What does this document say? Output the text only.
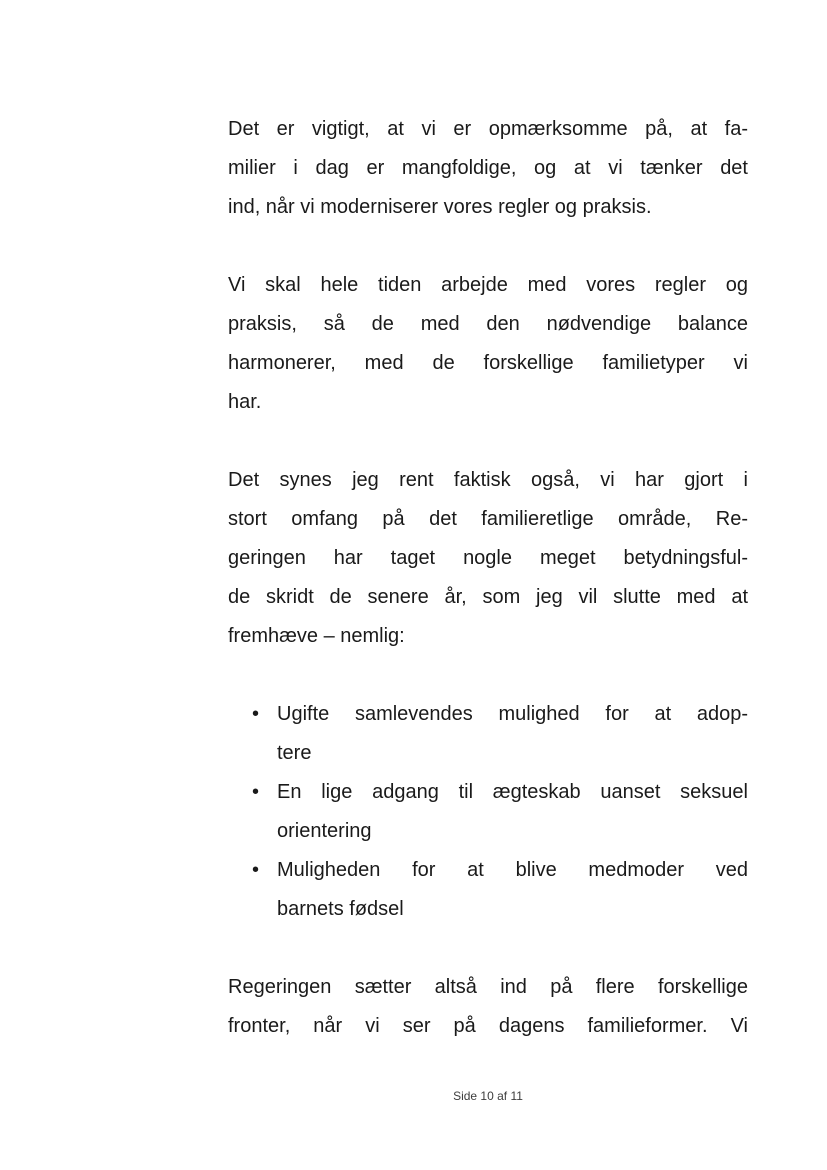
Det er vigtigt, at vi er opmærksomme på, at fa-
milier i dag er mangfoldige, og at vi tænker det
ind, når vi moderniserer vores regler og praksis.
Vi skal hele tiden arbejde med vores regler og
praksis, så de med den nødvendige balance
harmonerer, med de forskellige familietyper vi
har.
Det synes jeg rent faktisk også, vi har gjort i
stort omfang på det familieretlige område, Re-
geringen har taget nogle meget betydningsful-
de skridt de senere år, som jeg vil slutte med at
fremhæve – nemlig:
• Ugifte samlevendes mulighed for at adop-
tere
• En lige adgang til ægteskab uanset seksuel
orientering
• Muligheden for at blive medmoder ved
barnets fødsel
Regeringen sætter altså ind på flere forskellige
fronter, når vi ser på dagens familieformer. Vi
Side 10 af 11
